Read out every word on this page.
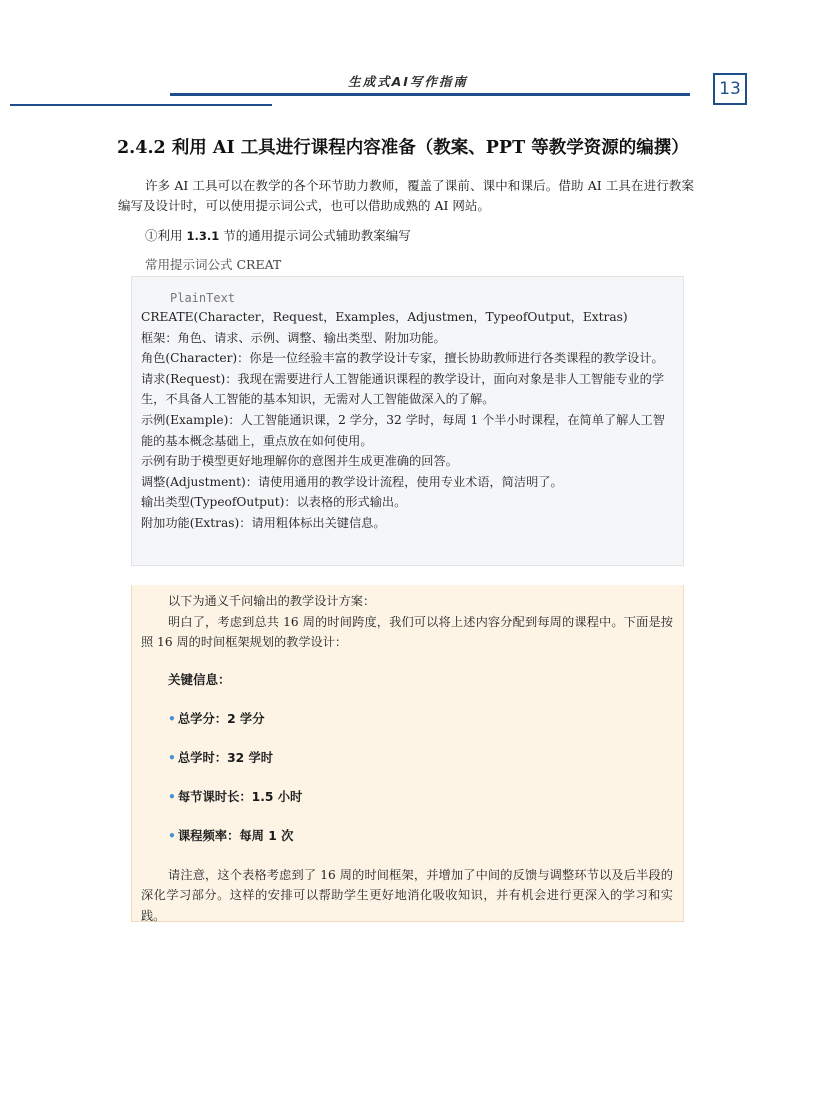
生成式AI写作指南	13
2.4.2 利用 AI 工具进行课程内容准备（教案、PPT 等教学资源的编撰）

许多 AI 工具可以在教学的各个环节助力教师，覆盖了课前、课中和课后。借助 AI 工具在进行教案编写及设计时，可以使用提示词公式，也可以借助成熟的 AI 网站。

①利用 1.3.1 节的通用提示词公式辅助教案编写
常用提示词公式 CREAT
PlainText
CREATE(Character，Request，Examples，Adjustmen，TypeofOutput，Extras)
框架：角色、请求、示例、调整、输出类型、附加功能。
角色(Character)：你是一位经验丰富的教学设计专家，擅长协助教师进行各类课程的教学设计。
请求(Request)：我现在需要进行人工智能通识课程的教学设计，面向对象是非人工智能专业的学生，不具备人工智能的基本知识，无需对人工智能做深入的了解。
示例(Example)：人工智能通识课，2 学分，32 学时，每周 1 个半小时课程，在简单了解人工智能的基本概念基础上，重点放在如何使用。
示例有助于模型更好地理解你的意图并生成更准确的回答。
调整(Adjustment)：请使用通用的教学设计流程，使用专业术语，简洁明了。
输出类型(TypeofOutput)：以表格的形式输出。
附加功能(Extras)：请用粗体标出关键信息。

以下为通义千问输出的教学设计方案：

明白了，考虑到总共 16 周的时间跨度，我们可以将上述内容分配到每周的课程中。下面是按照 16 周的时间框架规划的教学设计：

关键信息：
• 总学分：2 学分
• 总学时：32 学时
• 每节课时长：1.5 小时
• 课程频率：每周 1 次

请注意，这个表格考虑到了 16 周的时间框架，并增加了中间的反馈与调整环节以及后半段的深化学习部分。这样的安排可以帮助学生更好地消化吸收知识，并有机会进行更深入的学习和实践。
